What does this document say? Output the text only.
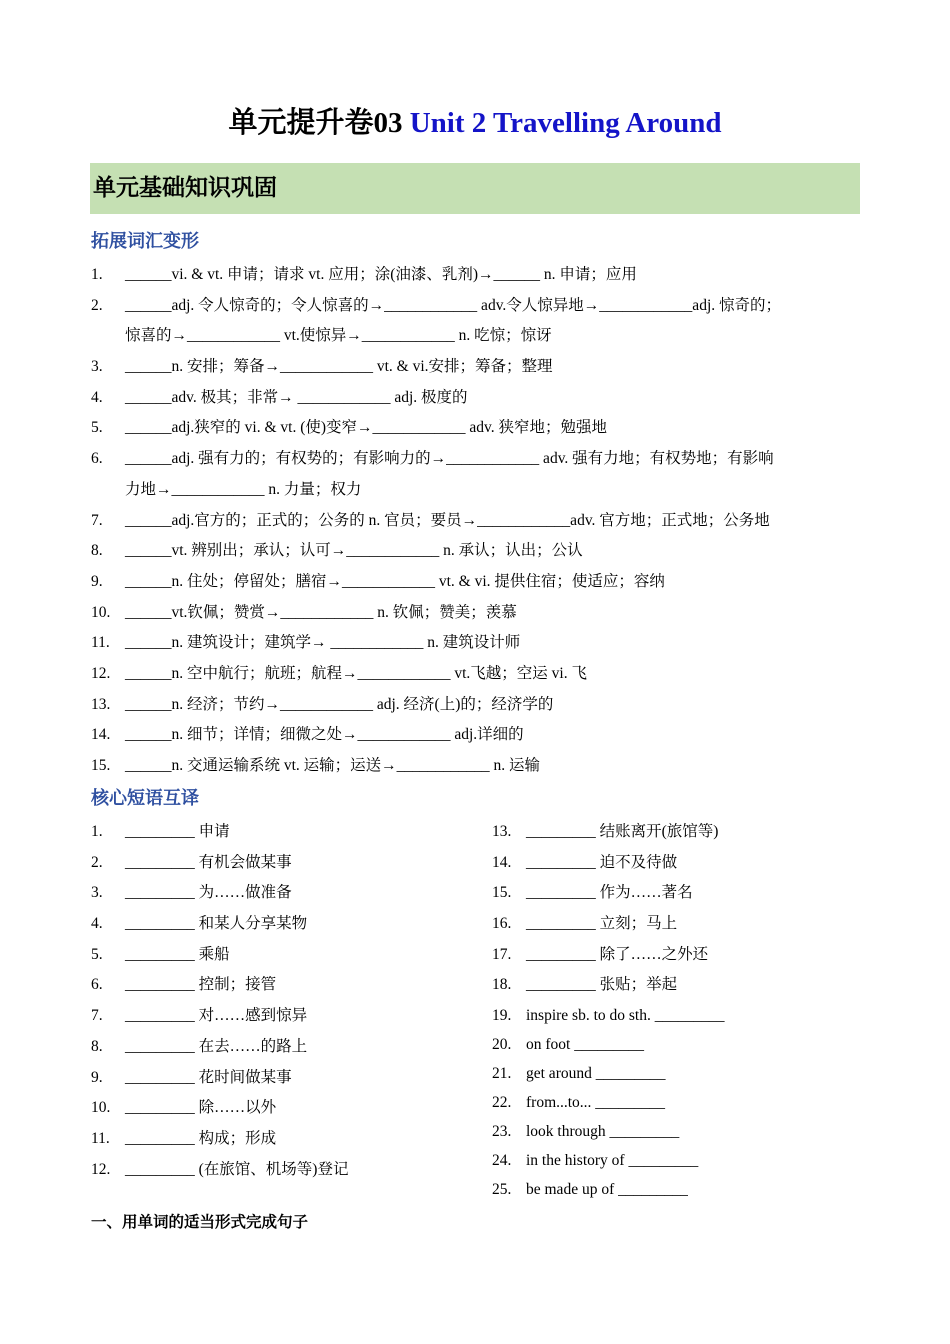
单元提升卷03 Unit 2 Travelling Around
单元基础知识巩固
拓展词汇变形
1.	______vi. & vt. 申请；请求 vt. 应用；涂(油漆、乳剂)→______ n. 申请；应用
2.	______adj. 令人惊奇的；令人惊喜的→____________ adv.令人惊异地→____________adj. 惊奇的；
惊喜的→____________ vt.使惊异→____________ n. 吃惊；惊讶
3.	______n. 安排；筹备→____________ vt. & vi.安排；筹备；整理
4.	______adv. 极其；非常→ ____________ adj. 极度的
5.	______adj.狭窄的 vi. & vt. (使)变窄→____________ adv. 狭窄地；勉强地
6.	______adj. 强有力的；有权势的；有影响力的→____________ adv. 强有力地；有权势地；有影响
力地→____________ n. 力量；权力
7.	______adj.官方的；正式的；公务的 n. 官员；要员→____________adv. 官方地；正式地；公务地
8.	______vt. 辨别出；承认；认可→____________ n. 承认；认出；公认
9.	______n. 住处；停留处；膳宿→____________ vt. & vi. 提供住宿；使适应；容纳
10. ______vt.钦佩；赞赏→____________ n. 钦佩；赞美；羡慕
11. ______n. 建筑设计；建筑学→ ____________ n. 建筑设计师
12. ______n. 空中航行；航班；航程→____________ vt.飞越；空运 vi. 飞
13. ______n. 经济；节约→____________ adj. 经济(上)的；经济学的
14. ______n. 细节；详情；细微之处→____________ adj.详细的
15. ______n. 交通运输系统 vt. 运输；运送→____________ n. 运输
核心短语互译
1.	_________ 申请
2.	_________ 有机会做某事
3.	_________ 为……做准备
4.	_________ 和某人分享某物
5.	_________ 乘船
6.	_________ 控制；接管
7.	_________ 对……感到惊异
8.	_________ 在去……的路上
9.	_________ 花时间做某事
10. _________ 除……以外
11. _________ 构成；形成
12. _________ (在旅馆、机场等)登记
13. _________ 结账离开(旅馆等)
14. _________ 迫不及待做
15. _________ 作为……著名
16. _________ 立刻；马上
17. _________ 除了……之外还
18. _________ 张贴；举起
19. inspire sb. to do sth. _________
20. on foot _________
21. get around _________
22. from...to... _________
23. look through _________
24. in the history of _________
25. be made up of _________
一、用单词的适当形式完成句子
